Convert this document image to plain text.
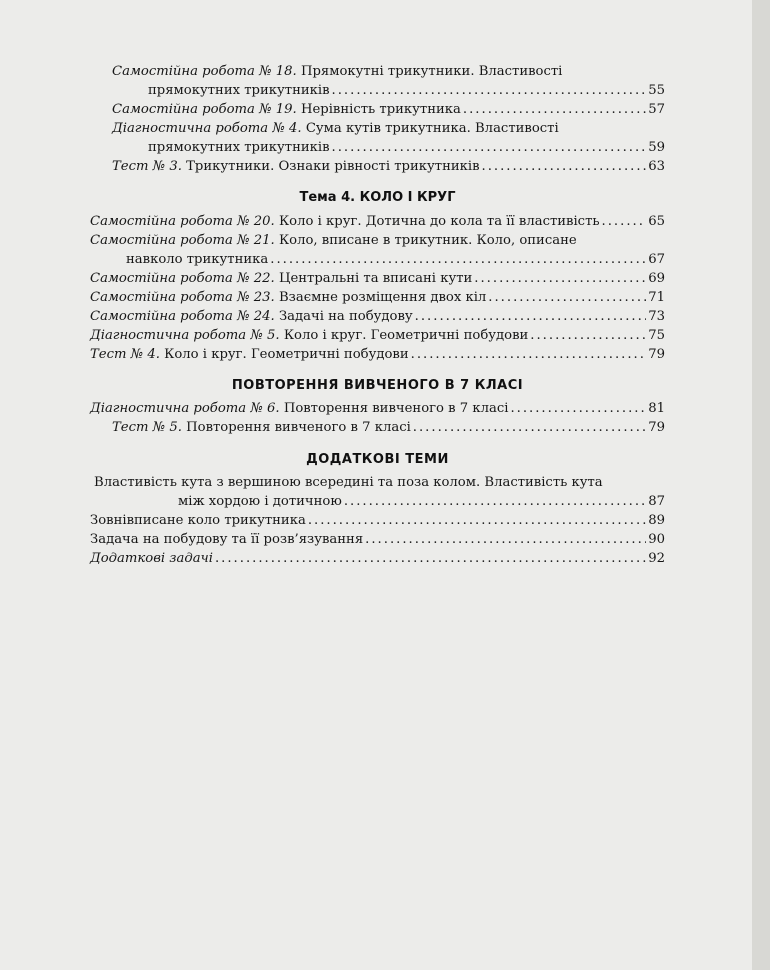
Самостійна робота № 18. Прямокутні трикутники. Властивості
прямокутних трикутників .....	55
Самостійна робота № 19. Нерівність трикутника .....	57
Діагностична робота № 4. Сума кутів трикутника. Властивості
прямокутних трикутників .....	59
Тест № 3. Трикутники. Ознаки рівності трикутників .....	63
Тема 4. КОЛО І КРУГ
Самостійна робота № 20. Коло і круг. Дотична до кола та її властивість .....	65
Самостійна робота № 21. Коло, вписане в трикутник. Коло, описане
навколо трикутника .....	67
Самостійна робота № 22. Центральні та вписані кути .....	69
Самостійна робота № 23. Взаємне розміщення двох кіл .....	71
Самостійна робота № 24. Задачі на побудову .....	73
Діагностична робота № 5. Коло і круг. Геометричні побудови .....	75
Тест № 4. Коло і круг. Геометричні побудови .....	79
ПОВТОРЕННЯ ВИВЧЕНОГО В 7 КЛАСІ
Діагностична робота № 6. Повторення вивченого в 7 класі .....	81
Тест № 5. Повторення вивченого в 7 класі .....	79
ДОДАТКОВІ ТЕМИ
Властивість кута з вершиною всередині та поза колом. Властивість кута
між хордою і дотичною .....	87
Зовнівписане коло трикутника .....	89
Задача на побудову та її розв’язування .....	90
Додаткові задачі .....	92
